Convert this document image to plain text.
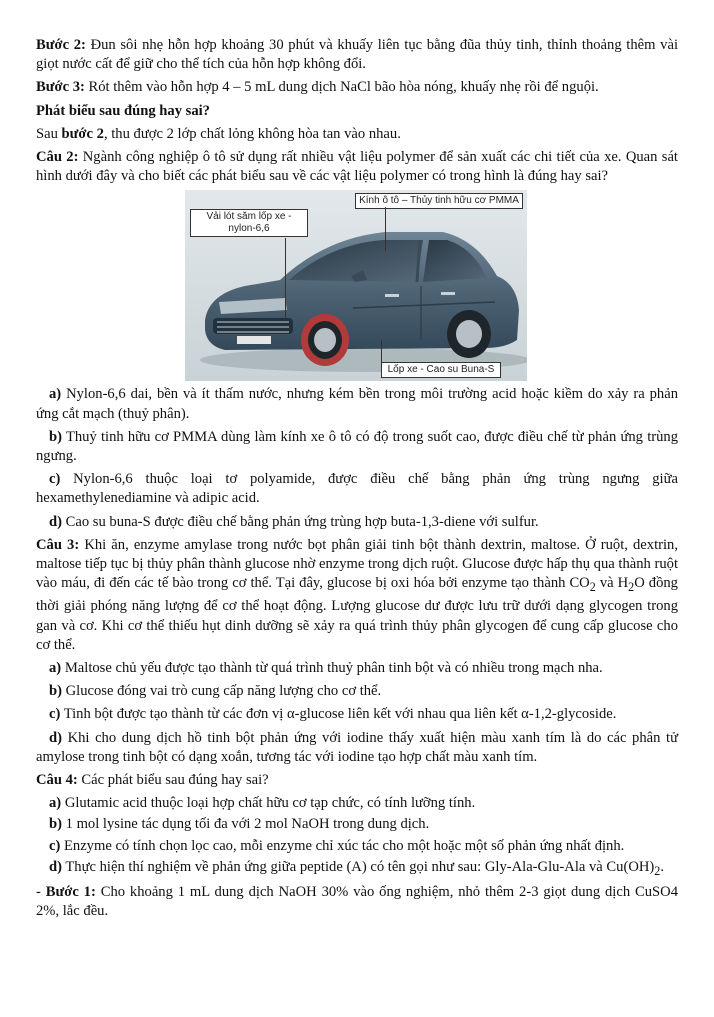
Bước 2: Đun sôi nhẹ hỗn hợp khoảng 30 phút và khuấy liên tục bằng đũa thủy tinh, thỉnh thoảng thêm vài giọt nước cất để giữ cho thể tích của hỗn hợp không đổi.

Bước 3: Rót thêm vào hỗn hợp 4 – 5 mL dung dịch NaCl bão hòa nóng, khuấy nhẹ rồi để nguội.

Phát biểu sau đúng hay sai?

Sau bước 2, thu được 2 lớp chất lỏng không hòa tan vào nhau.

Câu 2: Ngành công nghiệp ô tô sử dụng rất nhiều vật liệu polymer để sản xuất các chi tiết của xe. Quan sát hình dưới đây và cho biết các phát biểu sau về các vật liệu polymer có trong hình là đúng hay sai?

Kính ô tô – Thủy tinh hữu cơ PMMA
Vải lót săm lốp xe -
nylon-6,6
Lốp xe - Cao su Buna-S

a) Nylon-6,6 dai, bền và ít thấm nước, nhưng kém bền trong môi trường acid hoặc kiềm do xảy ra phản ứng cắt mạch (thuỷ phân).

b) Thuỷ tinh hữu cơ PMMA dùng làm kính xe ô tô có độ trong suốt cao, được điều chế từ phản ứng trùng ngưng.

c) Nylon-6,6 thuộc loại tơ polyamide, được điều chế bằng phản ứng trùng ngưng giữa hexamethylenediamine và adipic acid.

d) Cao su buna-S được điều chế bằng phản ứng trùng hợp buta-1,3-diene với sulfur.

Câu 3: Khi ăn, enzyme amylase trong nước bọt phân giải tinh bột thành dextrin, maltose. Ở ruột, dextrin, maltose tiếp tục bị thủy phân thành glucose nhờ enzyme trong dịch ruột. Glucose được hấp thụ qua thành ruột vào máu, đi đến các tế bào trong cơ thể. Tại đây, glucose bị oxi hóa bởi enzyme tạo thành $CO_2$ và $H_2O$ đồng thời giải phóng năng lượng để cơ thể hoạt động. Lượng glucose dư được lưu trữ dưới dạng glycogen trong gan và cơ. Khi cơ thể thiếu hụt dinh dưỡng sẽ xảy ra quá trình thủy phân glycogen để cung cấp glucose cho cơ thể.

a) Maltose chủ yếu được tạo thành từ quá trình thuỷ phân tinh bột và có nhiều trong mạch nha.

b) Glucose đóng vai trò cung cấp năng lượng cho cơ thể.

c) Tinh bột được tạo thành từ các đơn vị α-glucose liên kết với nhau qua liên kết α-1,2-glycoside.

d) Khi cho dung dịch hồ tinh bột phản ứng với iodine thấy xuất hiện màu xanh tím là do các phân tử amylose trong tinh bột có dạng xoắn, tương tác với iodine tạo hợp chất màu xanh tím.

Câu 4: Các phát biểu sau đúng hay sai?

a) Glutamic acid thuộc loại hợp chất hữu cơ tạp chức, có tính lưỡng tính.

b) 1 mol lysine tác dụng tối đa với 2 mol NaOH trong dung dịch.

c) Enzyme có tính chọn lọc cao, mỗi enzyme chỉ xúc tác cho một hoặc một số phản ứng nhất định.

d) Thực hiện thí nghiệm về phản ứng giữa peptide (A) có tên gọi như sau: Gly-Ala-Glu-Ala và $Cu(OH)_2$.

- Bước 1: Cho khoảng 1 mL dung dịch NaOH 30% vào ống nghiệm, nhỏ thêm 2-3 giọt dung dịch CuSO4 2%, lắc đều.
